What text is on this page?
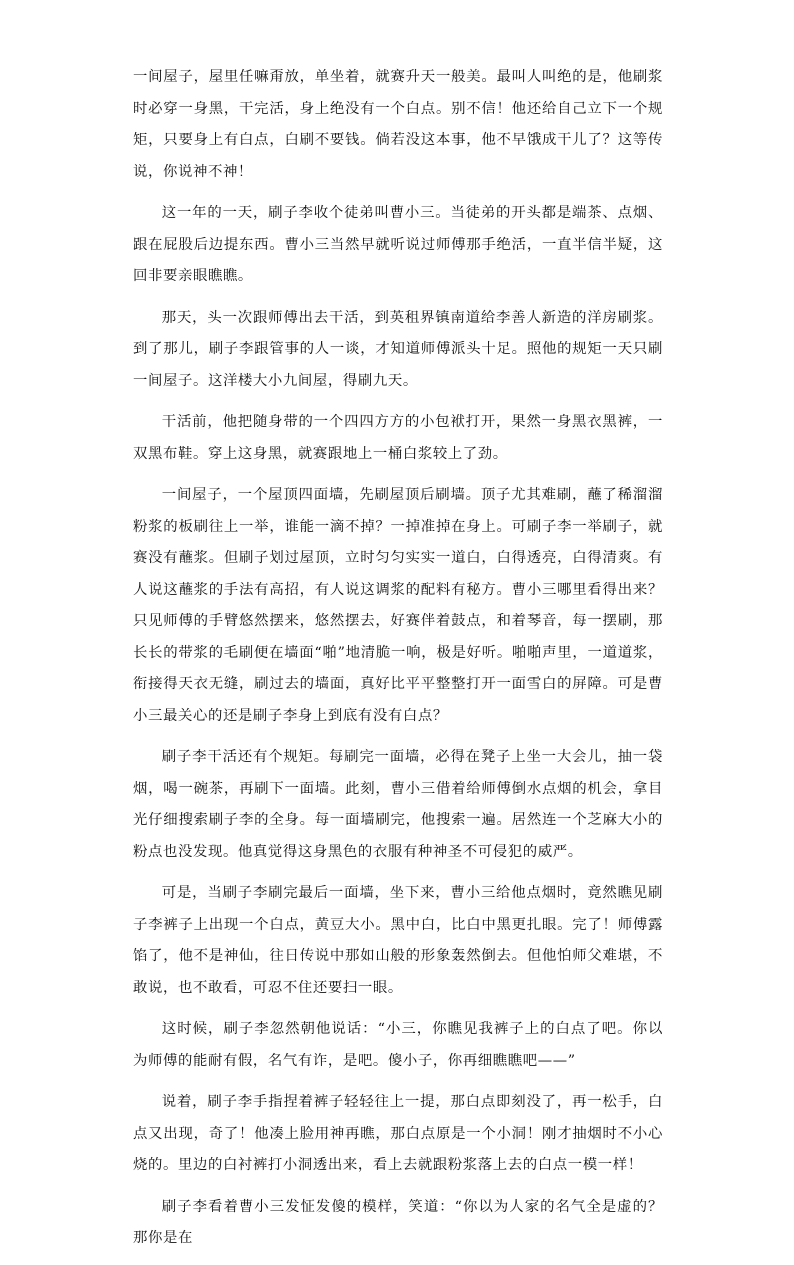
一间屋子，屋里任嘛甭放，单坐着，就赛升天一般美。最叫人叫绝的是，他刷浆时必穿一身黑，干完活，身上绝没有一个白点。别不信！他还给自己立下一个规矩，只要身上有白点，白刷不要钱。倘若没这本事，他不早饿成干儿了？这等传说，你说神不神！

这一年的一天，刷子李收个徒弟叫曹小三。当徒弟的开头都是端茶、点烟、跟在屁股后边提东西。曹小三当然早就听说过师傅那手绝活，一直半信半疑，这回非要亲眼瞧瞧。

那天，头一次跟师傅出去干活，到英租界镇南道给李善人新造的洋房刷浆。到了那儿，刷子李跟管事的人一谈，才知道师傅派头十足。照他的规矩一天只刷一间屋子。这洋楼大小九间屋，得刷九天。

干活前，他把随身带的一个四四方方的小包袱打开，果然一身黑衣黑裤，一双黑布鞋。穿上这身黑，就赛跟地上一桶白浆较上了劲。

一间屋子，一个屋顶四面墙，先刷屋顶后刷墙。顶子尤其难刷，蘸了稀溜溜粉浆的板刷往上一举，谁能一滴不掉？一掉准掉在身上。可刷子李一举刷子，就赛没有蘸浆。但刷子划过屋顶，立时匀匀实实一道白，白得透亮，白得清爽。有人说这蘸浆的手法有高招，有人说这调浆的配料有秘方。曹小三哪里看得出来？只见师傅的手臂悠然摆来，悠然摆去，好赛伴着鼓点，和着琴音，每一摆刷，那长长的带浆的毛刷便在墙面“啪”地清脆一响，极是好听。啪啪声里，一道道浆，衔接得天衣无缝，刷过去的墙面，真好比平平整整打开一面雪白的屏障。可是曹小三最关心的还是刷子李身上到底有没有白点？

刷子李干活还有个规矩。每刷完一面墙，必得在凳子上坐一大会儿，抽一袋烟，喝一碗茶，再刷下一面墙。此刻，曹小三借着给师傅倒水点烟的机会，拿目光仔细搜索刷子李的全身。每一面墙刷完，他搜索一遍。居然连一个芝麻大小的粉点也没发现。他真觉得这身黑色的衣服有种神圣不可侵犯的威严。

可是，当刷子李刷完最后一面墙，坐下来，曹小三给他点烟时，竟然瞧见刷子李裤子上出现一个白点，黄豆大小。黑中白，比白中黑更扎眼。完了！师傅露馅了，他不是神仙，往日传说中那如山般的形象轰然倒去。但他怕师父难堪，不敢说，也不敢看，可忍不住还要扫一眼。

这时候，刷子李忽然朝他说话：“小三，你瞧见我裤子上的白点了吧。你以为师傅的能耐有假，名气有诈，是吧。傻小子，你再细瞧瞧吧——”

说着，刷子李手指捏着裤子轻轻往上一提，那白点即刻没了，再一松手，白点又出现，奇了！他凑上脸用神再瞧，那白点原是一个小洞！刚才抽烟时不小心烧的。里边的白衬裤打小洞透出来，看上去就跟粉浆落上去的白点一模一样！

刷子李看着曹小三发怔发傻的模样，笑道：“你以为人家的名气全是虚的？那你是在
